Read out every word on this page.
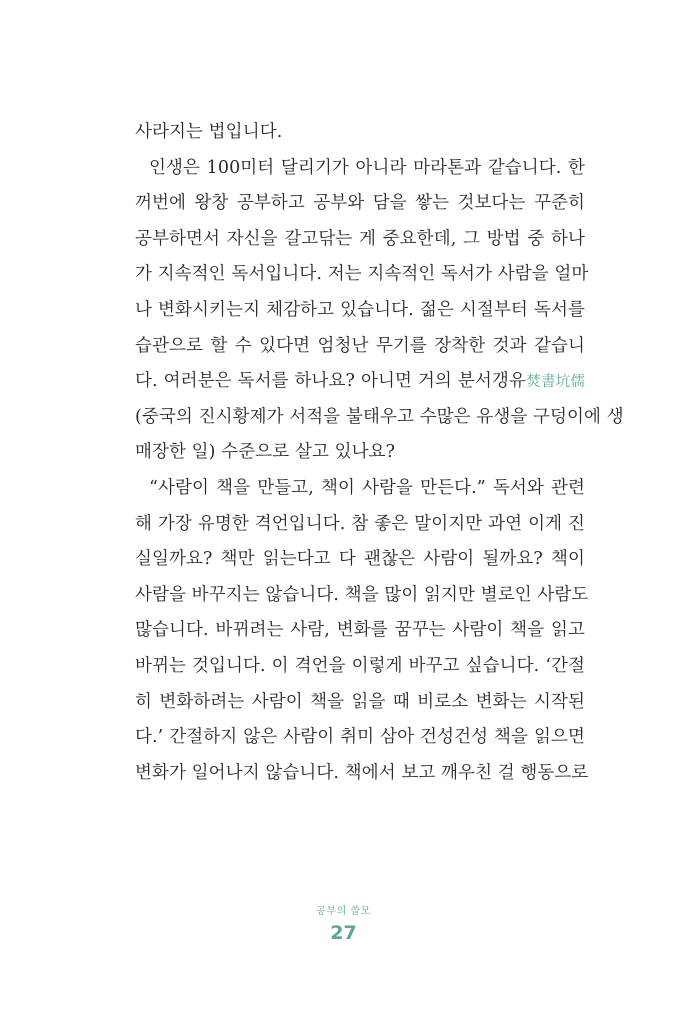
사라지는 법입니다.
인생은 100미터 달리기가 아니라 마라톤과 같습니다. 한
꺼번에 왕창 공부하고 공부와 담을 쌓는 것보다는 꾸준히
공부하면서 자신을 갈고닦는 게 중요한데, 그 방법 중 하나
가 지속적인 독서입니다. 저는 지속적인 독서가 사람을 얼마
나 변화시키는지 체감하고 있습니다. 젊은 시절부터 독서를
습관으로 할 수 있다면 엄청난 무기를 장착한 것과 같습니
다. 여러분은 독서를 하나요? 아니면 거의 분서갱유焚書坑儒
(중국의 진시황제가 서적을 불태우고 수많은 유생을 구덩이에 생
매장한 일) 수준으로 살고 있나요?
“사람이 책을 만들고, 책이 사람을 만든다.” 독서와 관련
해 가장 유명한 격언입니다. 참 좋은 말이지만 과연 이게 진
실일까요? 책만 읽는다고 다 괜찮은 사람이 될까요? 책이
사람을 바꾸지는 않습니다. 책을 많이 읽지만 별로인 사람도
많습니다. 바뀌려는 사람, 변화를 꿈꾸는 사람이 책을 읽고
바뀌는 것입니다. 이 격언을 이렇게 바꾸고 싶습니다. ‘간절
히 변화하려는 사람이 책을 읽을 때 비로소 변화는 시작된
다.’ 간절하지 않은 사람이 취미 삼아 건성건성 책을 읽으면
변화가 일어나지 않습니다. 책에서 보고 깨우친 걸 행동으로
공부의 쓸모
27
